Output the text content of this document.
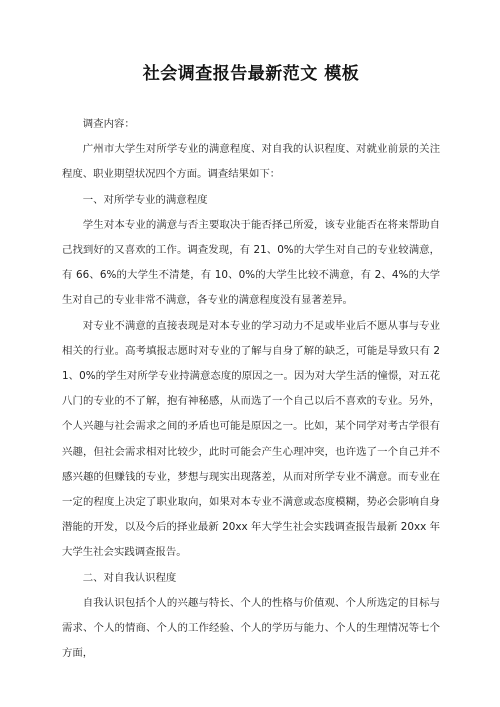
社会调查报告最新范文 模板

调查内容：

广州市大学生对所学专业的满意程度、对自我的认识程度、对就业前景的关注程度、职业期望状况四个方面。调查结果如下：

一、对所学专业的满意程度

学生对本专业的满意与否主要取决于能否择己所爱，该专业能否在将来帮助自己找到好的又喜欢的工作。调查发现，有 21、0%的大学生对自己的专业较满意，有 66、6%的大学生不清楚，有 10、0%的大学生比较不满意，有 2、4%的大学生对自己的专业非常不满意，各专业的满意程度没有显著差异。

对专业不满意的直接表现是对本专业的学习动力不足或毕业后不愿从事与专业相关的行业。高考填报志愿时对专业的了解与自身了解的缺乏，可能是导致只有 21、0%的学生对所学专业持满意态度的原因之一。因为对大学生活的憧憬，对五花八门的专业的不了解，抱有神秘感，从而选了一个自己以后不喜欢的专业。另外，个人兴趣与社会需求之间的矛盾也可能是原因之一。比如，某个同学对考古学很有兴趣，但社会需求相对比较少，此时可能会产生心理冲突，也许选了一个自己并不感兴趣的但赚钱的专业，梦想与现实出现落差，从而对所学专业不满意。而专业在一定的程度上决定了职业取向，如果对本专业不满意或态度模糊，势必会影响自身潜能的开发，以及今后的择业最新 20xx 年大学生社会实践调查报告最新 20xx 年大学生社会实践调查报告。

二、对自我认识程度

自我认识包括个人的兴趣与特长、个人的性格与价值观、个人所选定的目标与需求、个人的情商、个人的工作经验、个人的学历与能力、个人的生理情况等七个方面，
